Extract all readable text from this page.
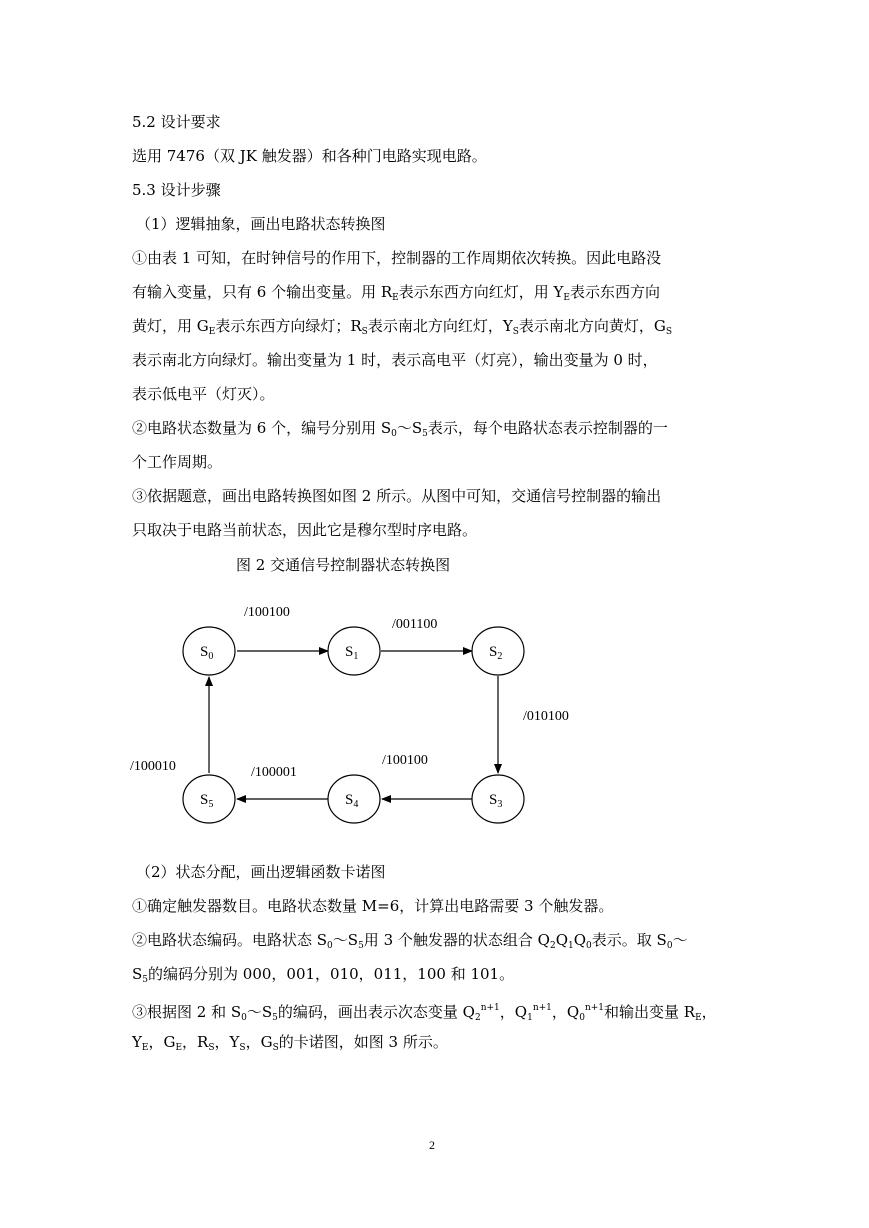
5.2 设计要求
选用 7476（双 JK 触发器）和各种门电路实现电路。
5.3 设计步骤
（1）逻辑抽象，画出电路状态转换图
①由表 1 可知，在时钟信号的作用下，控制器的工作周期依次转换。因此电路没
有输入变量，只有 6 个输出变量。用 $R_E$表示东西方向红灯，用 $Y_E$表示东西方向
黄灯，用 $G_E$表示东西方向绿灯；$R_S$表示南北方向红灯，$Y_S$表示南北方向黄灯，$G_S$
表示南北方向绿灯。输出变量为 1 时，表示高电平（灯亮），输出变量为 0 时，
表示低电平（灯灭）。
②电路状态数量为 6 个，编号分别用 $S_0\sim S_5$表示，每个电路状态表示控制器的一
个工作周期。
③依据题意，画出电路转换图如图 2 所示。从图中可知，交通信号控制器的输出
只取决于电路当前状态，因此它是穆尔型时序电路。
图 2 交通信号控制器状态转换图
/100100
/001100
/010100
/100100
/100001
/100010
$S_0$	$S_1$	$S_2$
$S_3$
$S_4$
$S_5$
（2）状态分配，画出逻辑函数卡诺图
①确定触发器数目。电路状态数量 M=6，计算出电路需要 3 个触发器。
②电路状态编码。电路状态 $S_0\sim S_5$用 3 个触发器的状态组合 $Q_2Q_1Q_0$表示。取 $S_0\sim$
$S_5$的编码分别为 000，001，010，011，100 和 101。
③根据图 2 和 $S_0\sim S_5$的编码，画出表示次态变量 $Q_2^{n+1}$，$Q_1^{n+1}$，$Q_0^{n+1}$和输出变量 $R_E$，
$Y_E$，$G_E$，$R_S$，$Y_S$，$G_S$的卡诺图，如图 3 所示。
2
